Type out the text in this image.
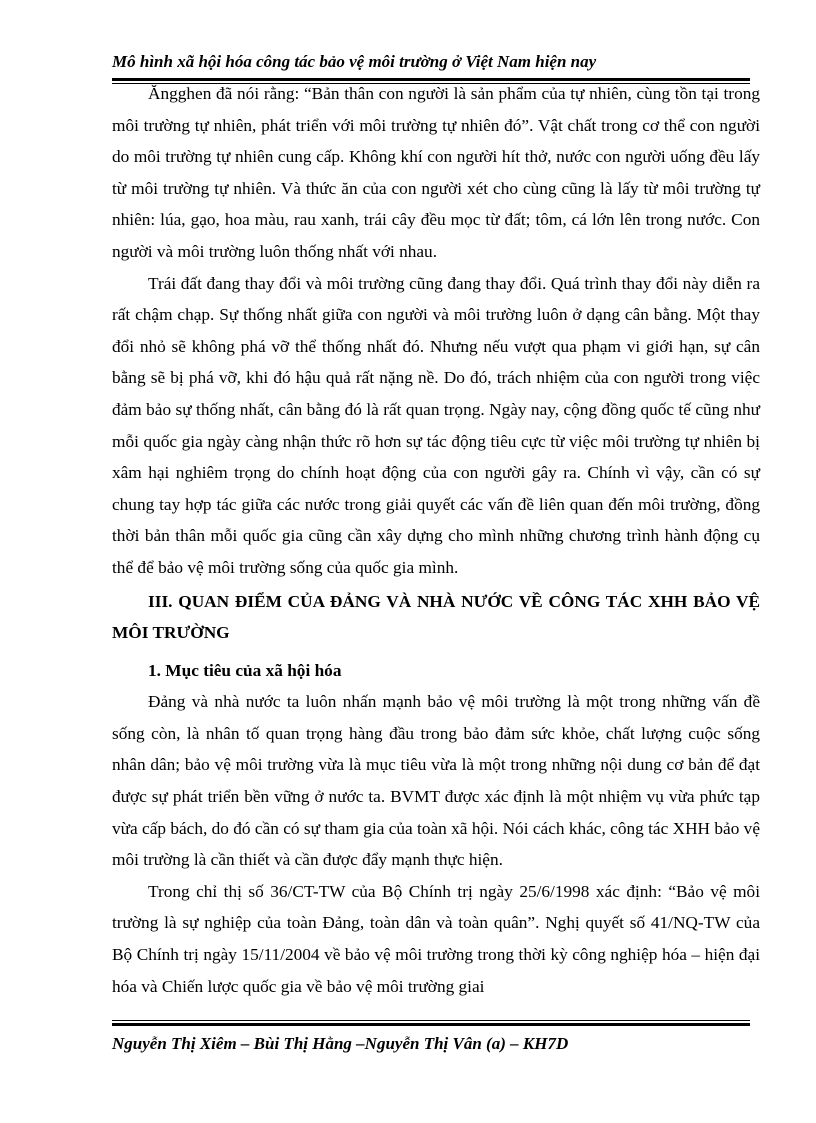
Mô hình xã hội hóa công tác bảo vệ môi trường ở Việt Nam hiện nay

Ăngghen đã nói rằng: “Bản thân con người là sản phẩm của tự nhiên, cùng tồn tại trong môi trường tự nhiên, phát triển với môi trường tự nhiên đó”. Vật chất trong cơ thể con người do môi trường tự nhiên cung cấp. Không khí con người hít thở, nước con người uống đều lấy từ môi trường tự nhiên. Và thức ăn của con người xét cho cùng cũng là lấy từ môi trường tự nhiên: lúa, gạo, hoa màu, rau xanh, trái cây đều mọc từ đất; tôm, cá lớn lên trong nước. Con người và môi trường luôn thống nhất với nhau.

Trái đất đang thay đổi và môi trường cũng đang thay đổi. Quá trình thay đổi này diễn ra rất chậm chạp. Sự thống nhất giữa con người và môi trường luôn ở dạng cân bằng. Một thay đổi nhỏ sẽ không phá vỡ thể thống nhất đó. Nhưng nếu vượt qua phạm vi giới hạn, sự cân bằng sẽ bị phá vỡ, khi đó hậu quả rất nặng nề. Do đó, trách nhiệm của con người trong việc đảm bảo sự thống nhất, cân bằng đó là rất quan trọng. Ngày nay, cộng đồng quốc tế cũng như mỗi quốc gia ngày càng nhận thức rõ hơn sự tác động tiêu cực từ việc môi trường tự nhiên bị xâm hại nghiêm trọng do chính hoạt động của con người gây ra. Chính vì vậy, cần có sự chung tay hợp tác giữa các nước trong giải quyết các vấn đề liên quan đến môi trường, đồng thời bản thân mỗi quốc gia cũng cần xây dựng cho mình những chương trình hành động cụ thể để bảo vệ môi trường sống của quốc gia mình.

III. QUAN ĐIỂM CỦA ĐẢNG VÀ NHÀ NƯỚC VỀ CÔNG TÁC XHH BẢO VỆ MÔI TRƯỜNG
1. Mục tiêu của xã hội hóa

Đảng và nhà nước ta luôn nhấn mạnh bảo vệ môi trường là một trong những vấn đề sống còn, là nhân tố quan trọng hàng đầu trong bảo đảm sức khỏe, chất lượng cuộc sống nhân dân; bảo vệ môi trường vừa là mục tiêu vừa là một trong những nội dung cơ bản để đạt được sự phát triển bền vững ở nước ta. BVMT được xác định là một nhiệm vụ vừa phức tạp vừa cấp bách, do đó cần có sự tham gia của toàn xã hội. Nói cách khác, công tác XHH bảo vệ môi trường là cần thiết và cần được đẩy mạnh thực hiện.

Trong chỉ thị số 36/CT-TW của Bộ Chính trị ngày 25/6/1998 xác định: “Bảo vệ môi trường là sự nghiệp của toàn Đảng, toàn dân và toàn quân”. Nghị quyết số 41/NQ-TW của Bộ Chính trị ngày 15/11/2004 về bảo vệ môi trường trong thời kỳ công nghiệp hóa – hiện đại hóa và Chiến lược quốc gia về bảo vệ môi trường giai

Nguyễn Thị Xiêm – Bùi Thị Hằng –Nguyễn Thị Vân (a) – KH7D
